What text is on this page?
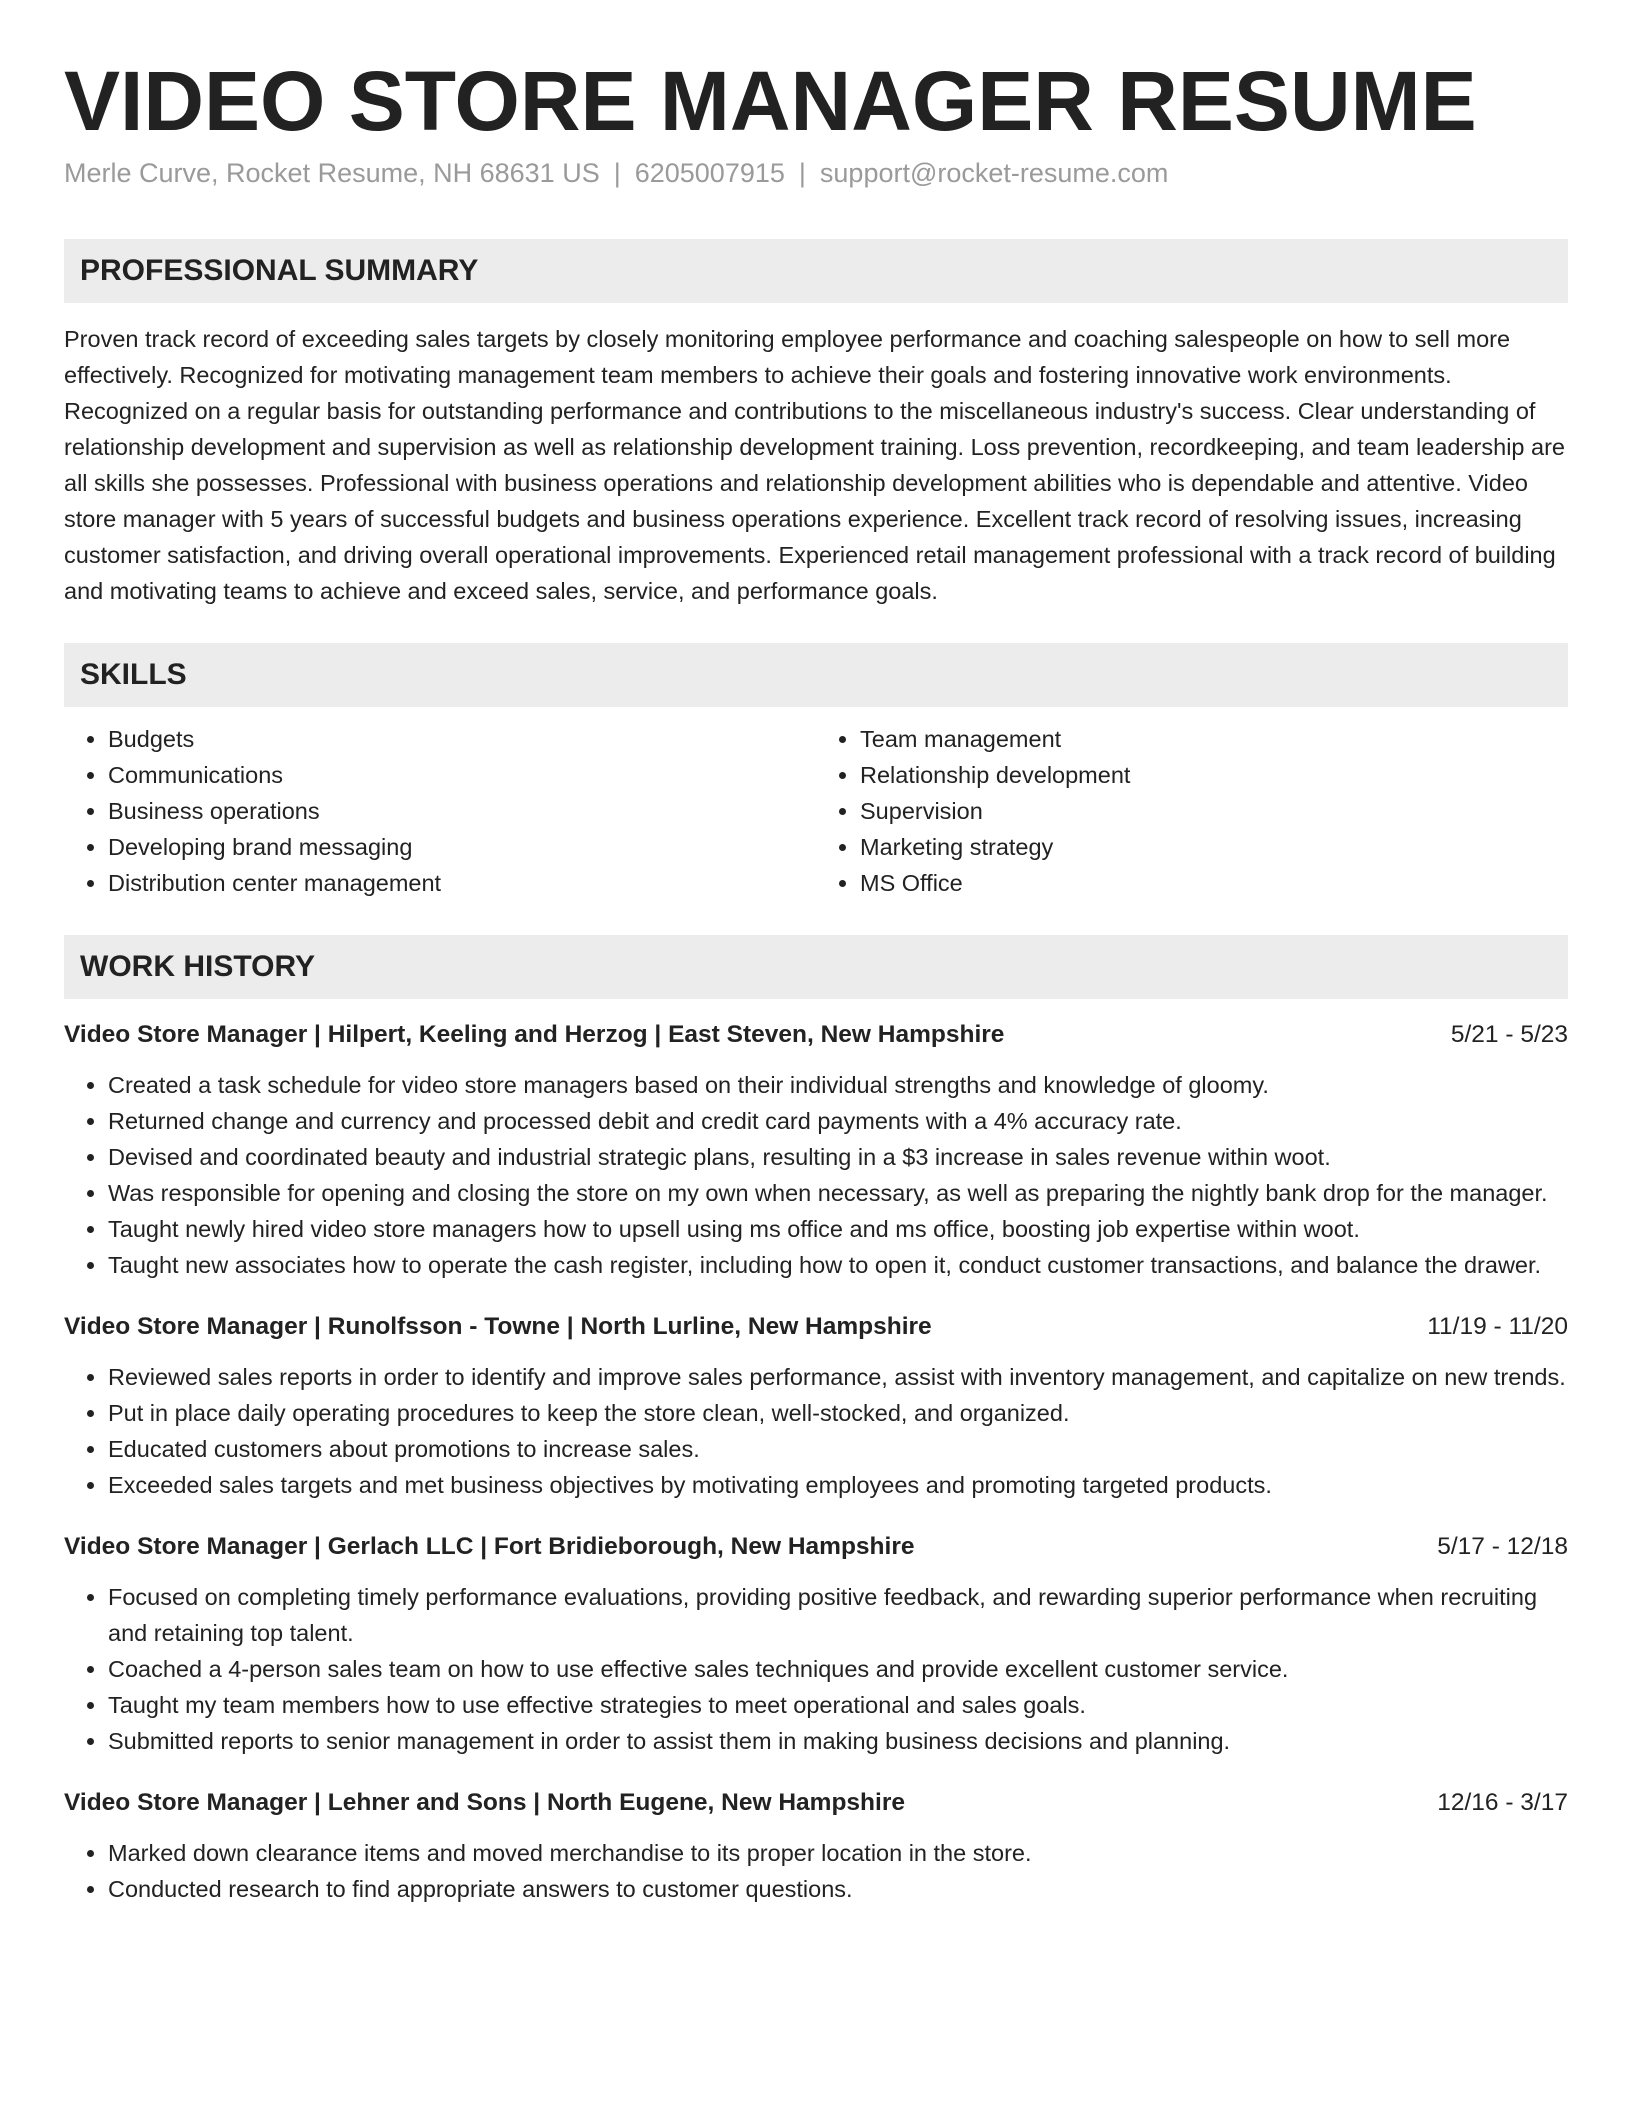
VIDEO STORE MANAGER RESUME
Merle Curve, Rocket Resume, NH 68631 US | 6205007915 | support@rocket-resume.com
PROFESSIONAL SUMMARY
Proven track record of exceeding sales targets by closely monitoring employee performance and coaching salespeople on how to sell more effectively. Recognized for motivating management team members to achieve their goals and fostering innovative work environments. Recognized on a regular basis for outstanding performance and contributions to the miscellaneous industry's success. Clear understanding of relationship development and supervision as well as relationship development training. Loss prevention, recordkeeping, and team leadership are all skills she possesses. Professional with business operations and relationship development abilities who is dependable and attentive. Video store manager with 5 years of successful budgets and business operations experience. Excellent track record of resolving issues, increasing customer satisfaction, and driving overall operational improvements. Experienced retail management professional with a track record of building and motivating teams to achieve and exceed sales, service, and performance goals.
SKILLS
• Budgets
• Communications
• Business operations
• Developing brand messaging
• Distribution center management
• Team management
• Relationship development
• Supervision
• Marketing strategy
• MS Office
WORK HISTORY
Video Store Manager | Hilpert, Keeling and Herzog | East Steven, New Hampshire	5/21 - 5/23
• Created a task schedule for video store managers based on their individual strengths and knowledge of gloomy.
• Returned change and currency and processed debit and credit card payments with a 4% accuracy rate.
• Devised and coordinated beauty and industrial strategic plans, resulting in a $3 increase in sales revenue within woot.
• Was responsible for opening and closing the store on my own when necessary, as well as preparing the nightly bank drop for the manager.
• Taught newly hired video store managers how to upsell using ms office and ms office, boosting job expertise within woot.
• Taught new associates how to operate the cash register, including how to open it, conduct customer transactions, and balance the drawer.
Video Store Manager | Runolfsson - Towne | North Lurline, New Hampshire	11/19 - 11/20
• Reviewed sales reports in order to identify and improve sales performance, assist with inventory management, and capitalize on new trends.
• Put in place daily operating procedures to keep the store clean, well-stocked, and organized.
• Educated customers about promotions to increase sales.
• Exceeded sales targets and met business objectives by motivating employees and promoting targeted products.
Video Store Manager | Gerlach LLC | Fort Bridieborough, New Hampshire	5/17 - 12/18
• Focused on completing timely performance evaluations, providing positive feedback, and rewarding superior performance when recruiting and retaining top talent.
• Coached a 4-person sales team on how to use effective sales techniques and provide excellent customer service.
• Taught my team members how to use effective strategies to meet operational and sales goals.
• Submitted reports to senior management in order to assist them in making business decisions and planning.
Video Store Manager | Lehner and Sons | North Eugene, New Hampshire	12/16 - 3/17
• Marked down clearance items and moved merchandise to its proper location in the store.
• Conducted research to find appropriate answers to customer questions.
